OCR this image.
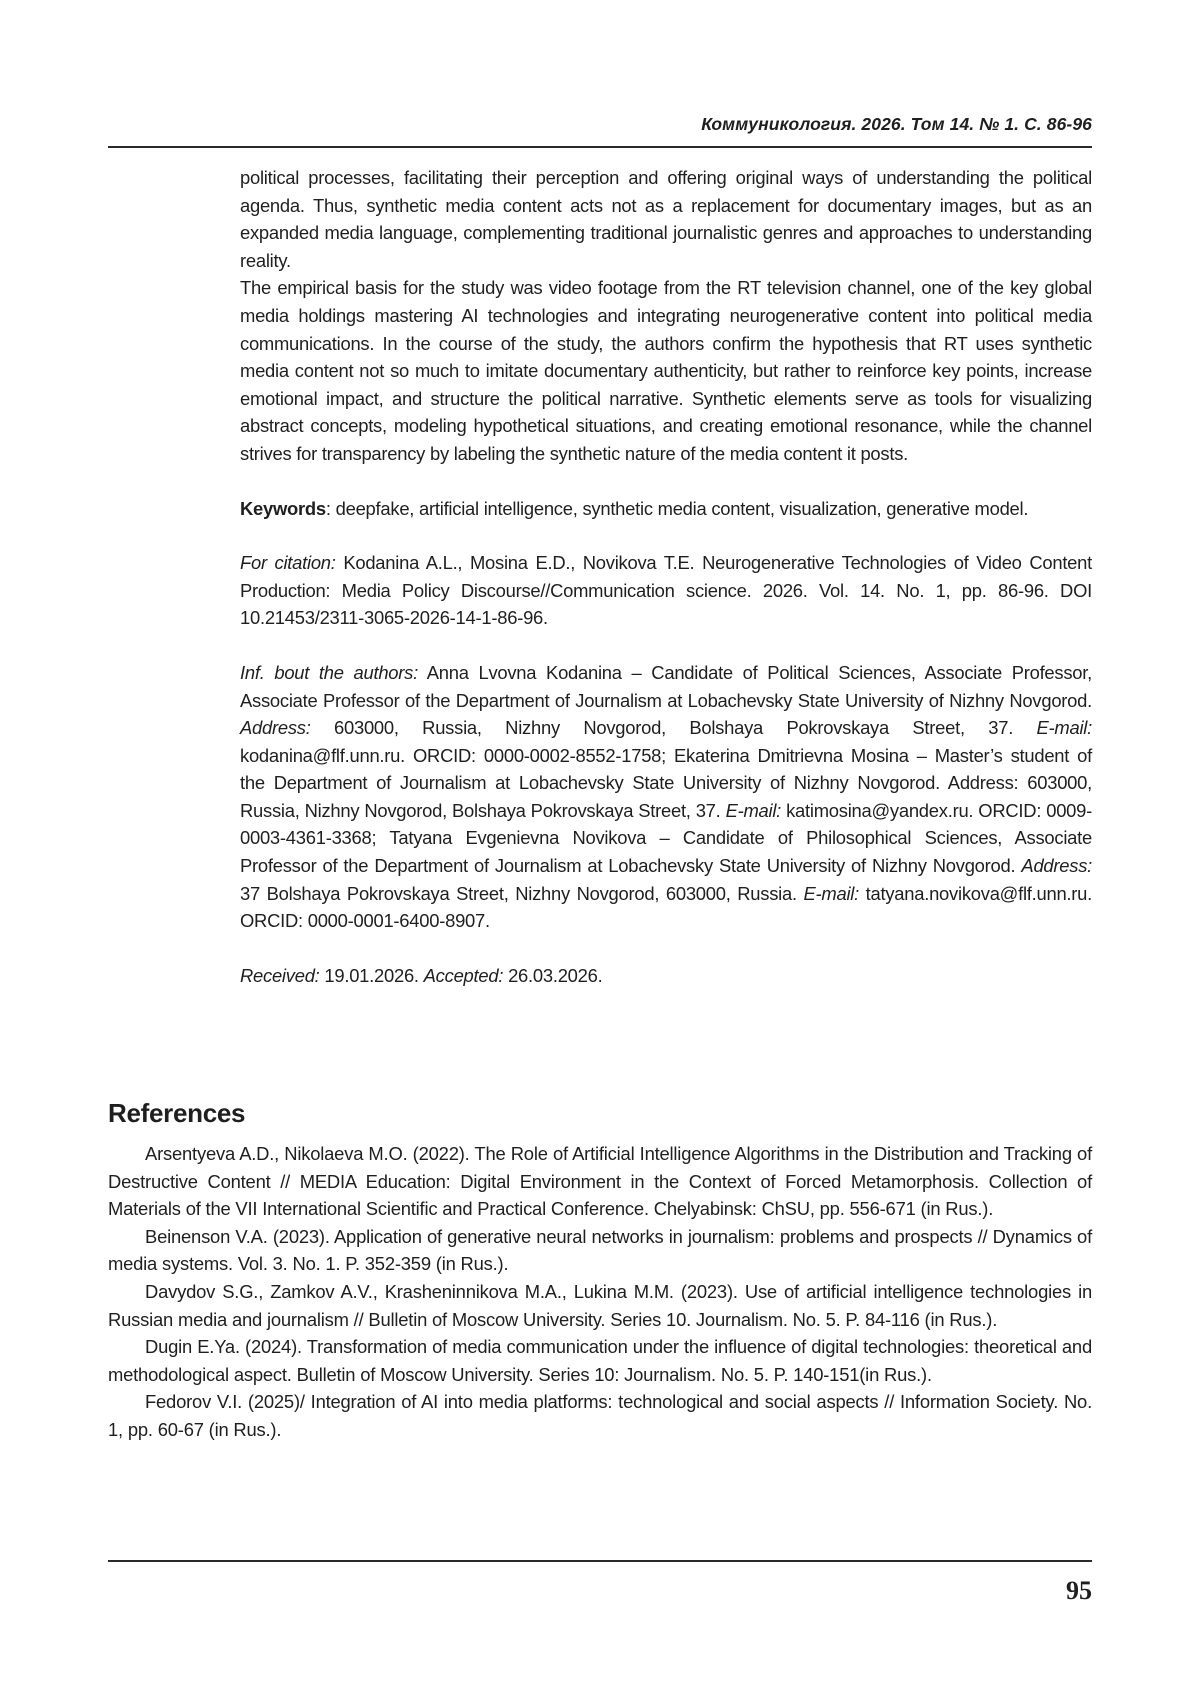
Коммуникология. 2026. Том 14. № 1. С. 86-96

political processes, facilitating their perception and offering original ways of understanding the political agenda. Thus, synthetic media content acts not as a replacement for documentary images, but as an expanded media language, complementing traditional journalistic genres and approaches to understanding reality.

The empirical basis for the study was video footage from the RT television channel, one of the key global media holdings mastering AI technologies and integrating neurogenerative content into political media communications. In the course of the study, the authors confirm the hypothesis that RT uses synthetic media content not so much to imitate documentary authenticity, but rather to reinforce key points, increase emotional impact, and structure the political narrative. Synthetic elements serve as tools for visualizing abstract concepts, modeling hypothetical situations, and creating emotional resonance, while the channel strives for transparency by labeling the synthetic nature of the media content it posts.

Keywords: deepfake, artificial intelligence, synthetic media content, visualization, generative model.

For citation: Kodanina A.L., Mosina E.D., Novikova T.E. Neurogenerative Technologies of Video Content Production: Media Policy Discourse//Communication science. 2026. Vol. 14. No. 1, pp. 86-96. DOI 10.21453/2311-3065-2026-14-1-86-96.

Inf. bout the authors: Anna Lvovna Kodanina – Candidate of Political Sciences, Associate Professor, Associate Professor of the Department of Journalism at Lobachevsky State University of Nizhny Novgorod. Address: 603000, Russia, Nizhny Novgorod, Bolshaya Pokrovskaya Street, 37. E-mail: kodanina@flf.unn.ru. ORCID: 0000-0002-8552-1758; Ekaterina Dmitrievna Mosina – Master’s student of the Department of Journalism at Lobachevsky State University of Nizhny Novgorod. Address: 603000, Russia, Nizhny Novgorod, Bolshaya Pokrovskaya Street, 37. E-mail: katimosina@yandex.ru. ORCID: 0009-0003-4361-3368; Tatyana Evgenievna Novikova – Candidate of Philosophical Sciences, Associate Professor of the Department of Journalism at Lobachevsky State University of Nizhny Novgorod. Address: 37 Bolshaya Pokrovskaya Street, Nizhny Novgorod, 603000, Russia. E-mail: tatyana.novikova@flf.unn.ru. ORCID: 0000-0001-6400-8907.

Received: 19.01.2026. Accepted: 26.03.2026.

References

Arsentyeva A.D., Nikolaeva M.O. (2022). The Role of Artificial Intelligence Algorithms in the Distribution and Tracking of Destructive Content // MEDIA Education: Digital Environment in the Context of Forced Metamorphosis. Collection of Materials of the VII International Scientific and Practical Conference. Chelyabinsk: ChSU, pp. 556-671 (in Rus.).

Beinenson V.A. (2023). Application of generative neural networks in journalism: problems and prospects // Dynamics of media systems. Vol. 3. No. 1. P. 352-359 (in Rus.).

Davydov S.G., Zamkov A.V., Krasheninnikova M.A., Lukina M.M. (2023). Use of artificial intelligence technologies in Russian media and journalism // Bulletin of Moscow University. Series 10. Journalism. No. 5. P. 84-116 (in Rus.).

Dugin E.Ya. (2024). Transformation of media communication under the influence of digital technologies: theoretical and methodological aspect. Bulletin of Moscow University. Series 10: Journalism. No. 5. P. 140-151(in Rus.).

Fedorov V.I. (2025)/ Integration of AI into media platforms: technological and social aspects // Information Society. No. 1, pp. 60-67 (in Rus.).

95
